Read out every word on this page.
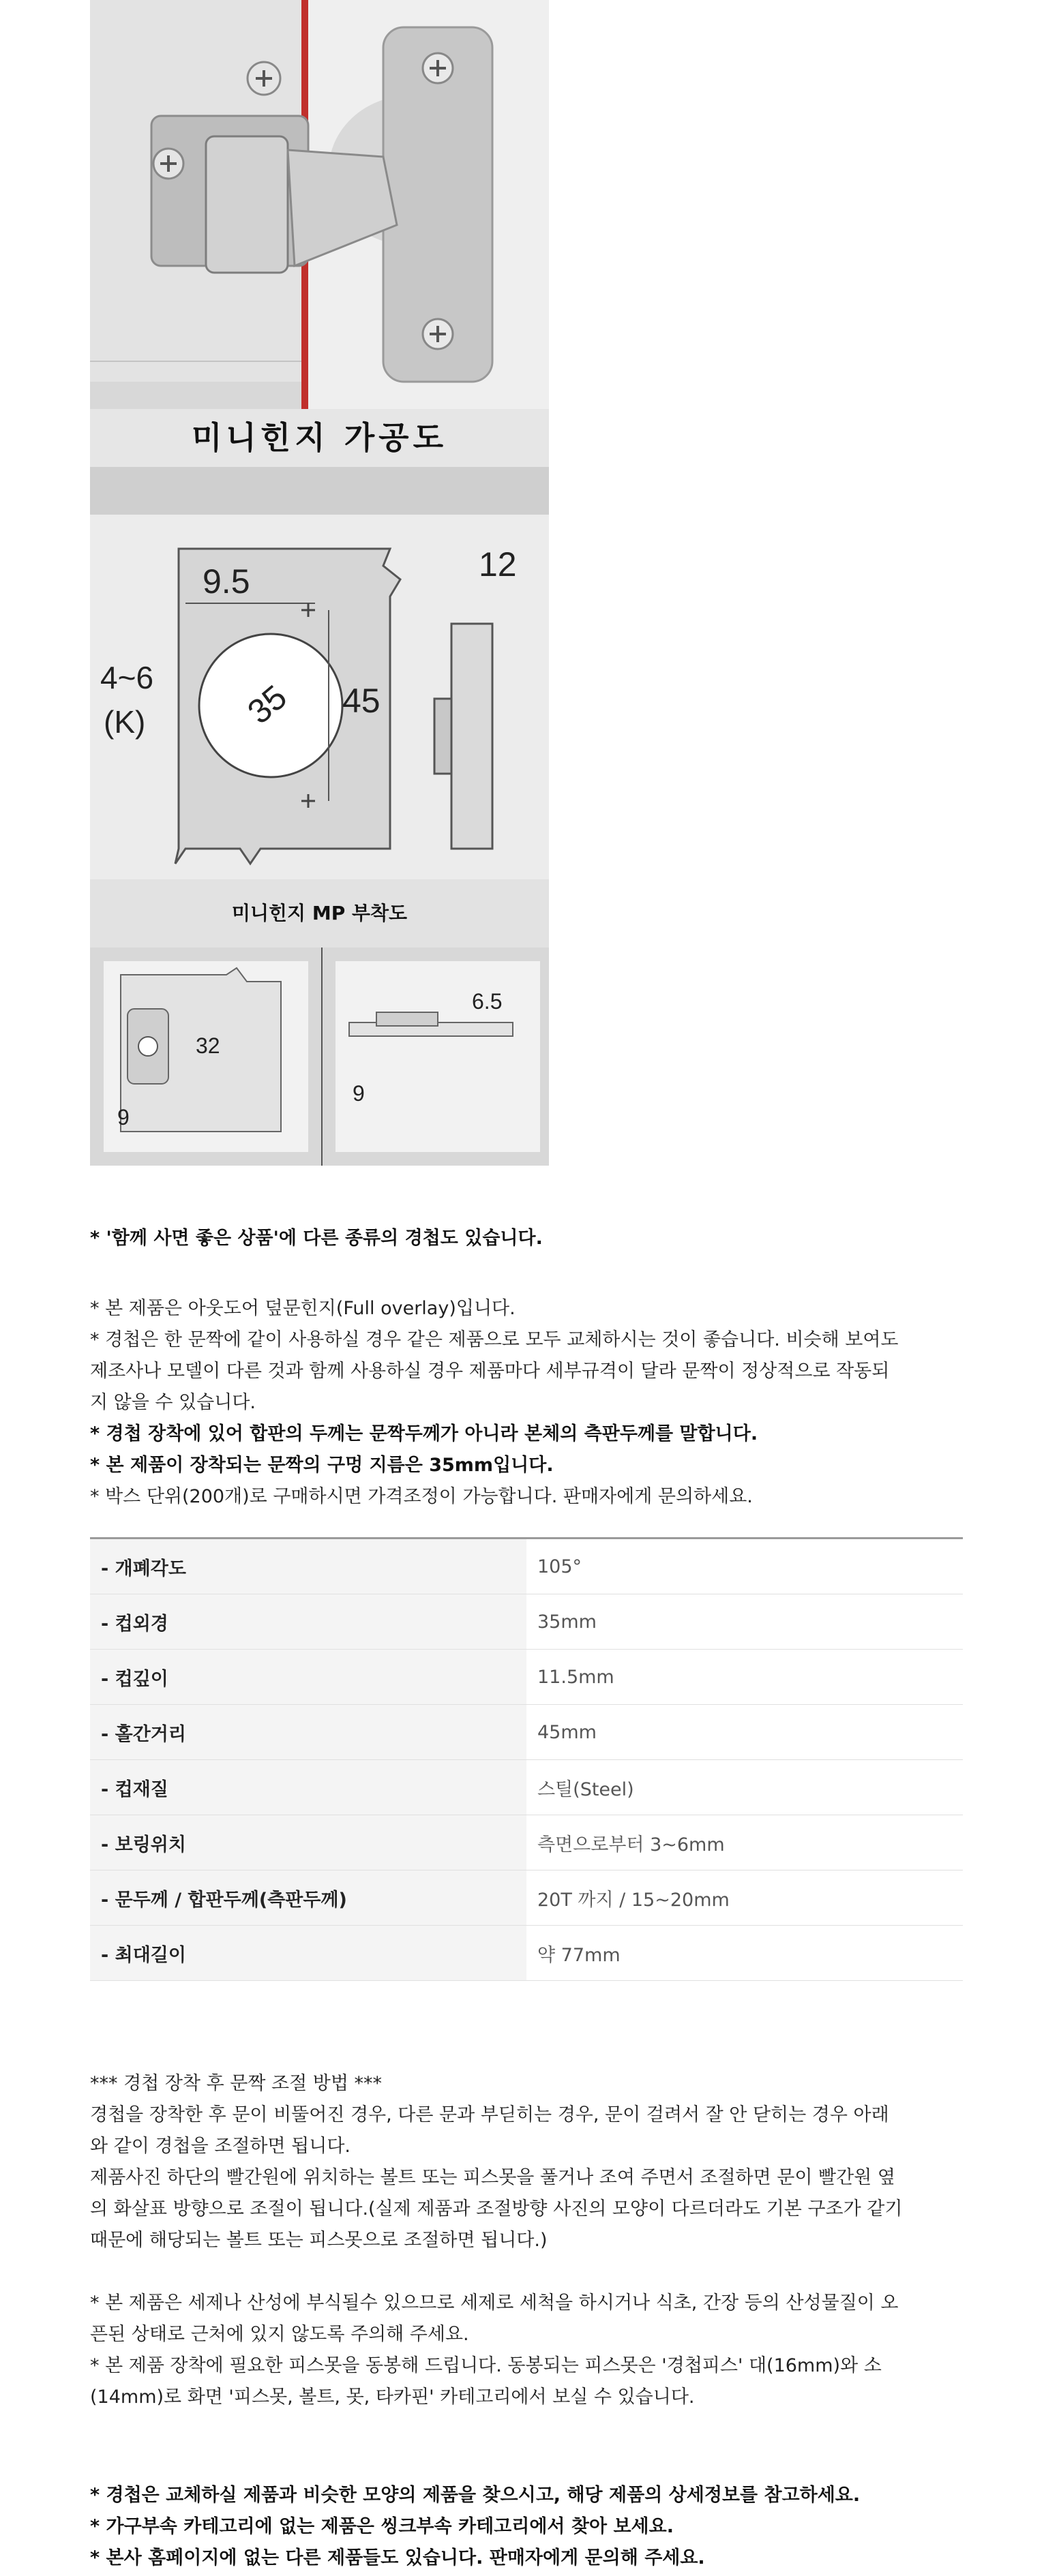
미니힌지 가공도
9.5	12
4~6
(K)	35 45
미니힌지 MP 부착도
32
9
6.5
9
* '함께 사면 좋은 상품'에 다른 종류의 경첩도 있습니다.
* 본 제품은 아웃도어 덮문힌지(Full overlay)입니다.
* 경첩은 한 문짝에 같이 사용하실 경우 같은 제품으로 모두 교체하시는 것이 좋습니다. 비슷해 보여도
제조사나 모델이 다른 것과 함께 사용하실 경우 제품마다 세부규격이 달라 문짝이 정상적으로 작동되
지 않을 수 있습니다.
* 경첩 장착에 있어 합판의 두께는 문짝두께가 아니라 본체의 측판두께를 말합니다.
* 본 제품이 장착되는 문짝의 구멍 지름은 35mm입니다.
* 박스 단위(200개)로 구매하시면 가격조정이 가능합니다. 판매자에게 문의하세요.
- 개폐각도	105°
- 컵외경	35mm
- 컵깊이	11.5mm
- 홀간거리	45mm
- 컵재질	스틸(Steel)
- 보링위치	측면으로부터 3~6mm
- 문두께 / 합판두께(측판두께)	20T 까지 / 15~20mm
- 최대길이	약 77mm
*** 경첩 장착 후 문짝 조절 방법 ***
경첩을 장착한 후 문이 비뚤어진 경우, 다른 문과 부딛히는 경우, 문이 걸려서 잘 안 닫히는 경우 아래
와 같이 경첩을 조절하면 됩니다.
제품사진 하단의 빨간원에 위치하는 볼트 또는 피스못을 풀거나 조여 주면서 조절하면 문이 빨간원 옆
의 화살표 방향으로 조절이 됩니다.(실제 제품과 조절방향 사진의 모양이 다르더라도 기본 구조가 같기
때문에 해당되는 볼트 또는 피스못으로 조절하면 됩니다.)
* 본 제품은 세제나 산성에 부식될수 있으므로 세제로 세척을 하시거나 식초, 간장 등의 산성물질이 오
픈된 상태로 근처에 있지 않도록 주의해 주세요.
* 본 제품 장착에 필요한 피스못을 동봉해 드립니다. 동봉되는 피스못은 '경첩피스' 대(16mm)와 소
(14mm)로 화면 '피스못, 볼트, 못, 타카핀' 카테고리에서 보실 수 있습니다.
* 경첩은 교체하실 제품과 비슷한 모양의 제품을 찾으시고, 해당 제품의 상세정보를 참고하세요.
* 가구부속 카테고리에 없는 제품은 씽크부속 카테고리에서 찾아 보세요.
* 본사 홈페이지에 없는 다른 제품들도 있습니다. 판매자에게 문의해 주세요.
